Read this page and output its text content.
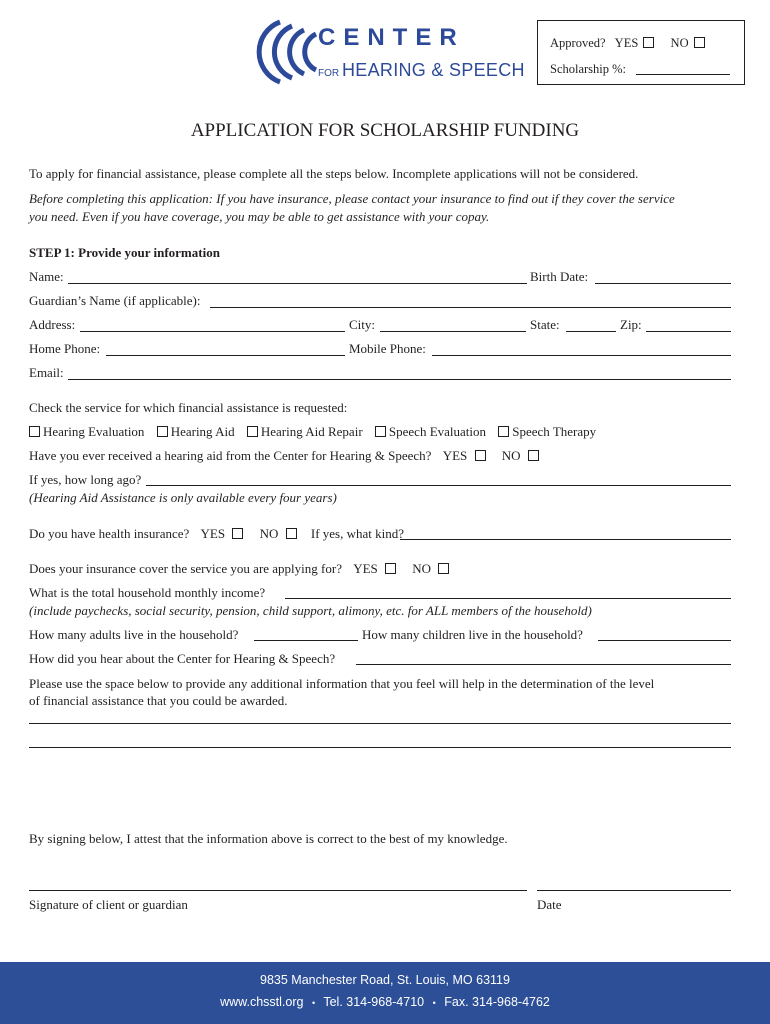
CENTER
FOR HEARING & SPEECH
Approved? YES	NO
Scholarship %:
APPLICATION FOR SCHOLARSHIP FUNDING
To apply for financial assistance, please complete all the steps below. Incomplete applications will not be considered.
Before completing this application: If you have insurance, please contact your insurance to find out if they cover the service
you need. Even if you have coverage, you may be able to get assistance with your copay.
STEP 1: Provide your information
Name:	Birth Date:
Guardian’s Name (if applicable):
Address:	City:	State:	Zip:
Home Phone:	Mobile Phone:
Email:
Check the service for which financial assistance is requested:
Hearing Evaluation Hearing Aid Hearing Aid Repair Speech Evaluation Speech Therapy
Have you ever received a hearing aid from the Center for Hearing & Speech? YES	NO
If yes, how long ago?
(Hearing Aid Assistance is only available every four years)
Do you have health insurance? YES	NO	If yes, what kind?
Does your insurance cover the service you are applying for? YES	NO
What is the total household monthly income?
(include paychecks, social security, pension, child support, alimony, etc. for ALL members of the household)
How many adults live in the household?	How many children live in the household?
How did you hear about the Center for Hearing & Speech?
Please use the space below to provide any additional information that you feel will help in the determination of the level
of financial assistance that you could be awarded.
By signing below, I attest that the information above is correct to the best of my knowledge.
Signature of client or guardian	Date
9835 Manchester Road, St. Louis, MO 63119
www.chsstl.org • Tel. 314-968-4710 • Fax. 314-968-4762
